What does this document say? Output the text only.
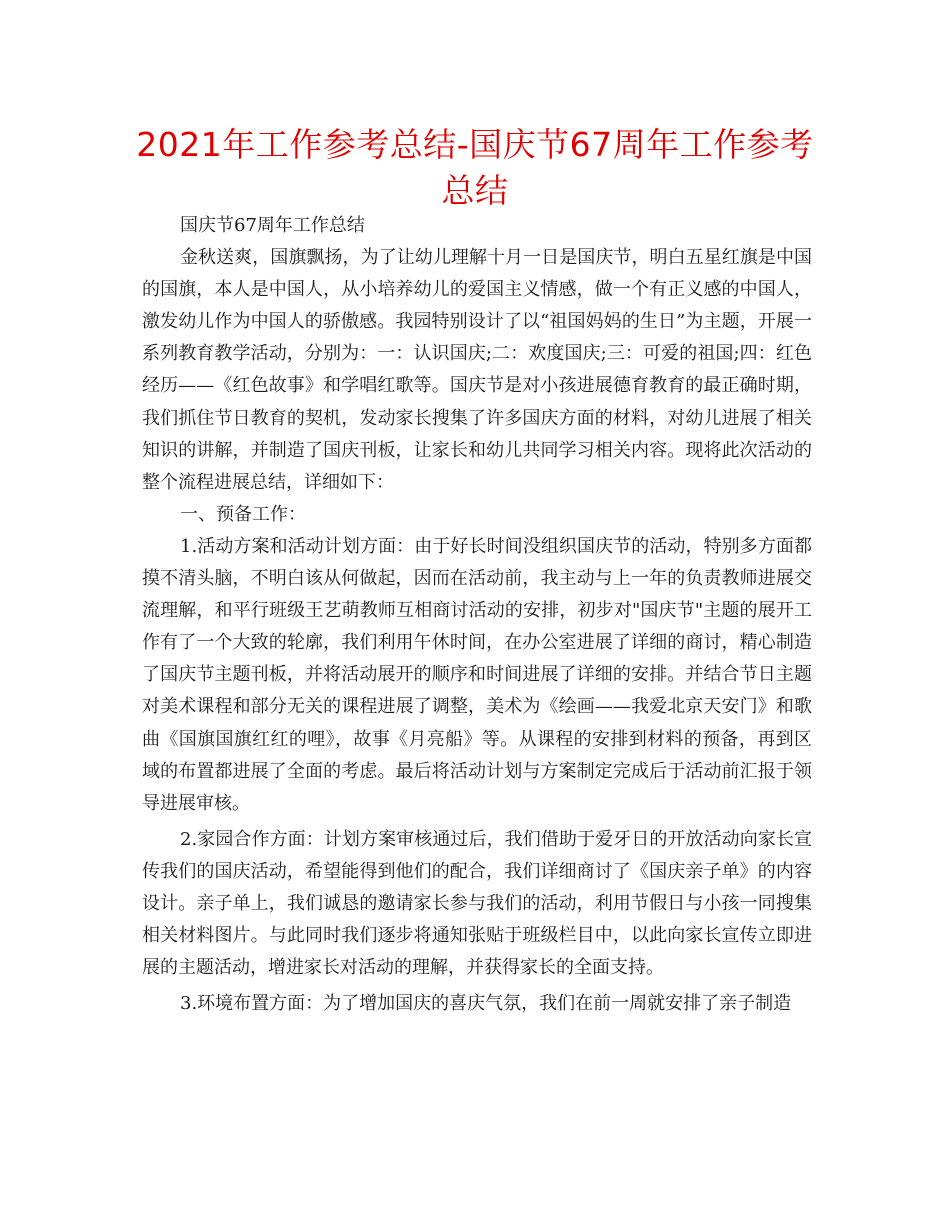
2021年工作参考总结-国庆节67周年工作参考
总结

国庆节67周年工作总结

金秋送爽，国旗飘扬，为了让幼儿理解十月一日是国庆节，明白五星红旗是中国的国旗，本人是中国人，从小培养幼儿的爱国主义情感，做一个有正义感的中国人，激发幼儿作为中国人的骄傲感。我园特别设计了以“祖国妈妈的生日”为主题，开展一系列教育教学活动，分别为：一：认识国庆;二：欢度国庆;三：可爱的祖国;四：红色经历——《红色故事》和学唱红歌等。国庆节是对小孩进展德育教育的最正确时期，我们抓住节日教育的契机，发动家长搜集了许多国庆方面的材料，对幼儿进展了相关知识的讲解，并制造了国庆刊板，让家长和幼儿共同学习相关内容。现将此次活动的整个流程进展总结，详细如下：

一、预备工作：

1.活动方案和活动计划方面：由于好长时间没组织国庆节的活动，特别多方面都摸不清头脑，不明白该从何做起，因而在活动前，我主动与上一年的负责教师进展交流理解，和平行班级王艺萌教师互相商讨活动的安排，初步对"国庆节"主题的展开工作有了一个大致的轮廓，我们利用午休时间，在办公室进展了详细的商讨，精心制造了国庆节主题刊板，并将活动展开的顺序和时间进展了详细的安排。并结合节日主题对美术课程和部分无关的课程进展了调整，美术为《绘画——我爱北京天安门》和歌曲《国旗国旗红红的哩》，故事《月亮船》等。从课程的安排到材料的预备，再到区域的布置都进展了全面的考虑。最后将活动计划与方案制定完成后于活动前汇报于领导进展审核。

2.家园合作方面：计划方案审核通过后，我们借助于爱牙日的开放活动向家长宣传我们的国庆活动，希望能得到他们的配合，我们详细商讨了《国庆亲子单》的内容设计。亲子单上，我们诚恳的邀请家长参与我们的活动，利用节假日与小孩一同搜集相关材料图片。与此同时我们逐步将通知张贴于班级栏目中，以此向家长宣传立即进展的主题活动，增进家长对活动的理解，并获得家长的全面支持。

3.环境布置方面：为了增加国庆的喜庆气氛，我们在前一周就安排了亲子制造
